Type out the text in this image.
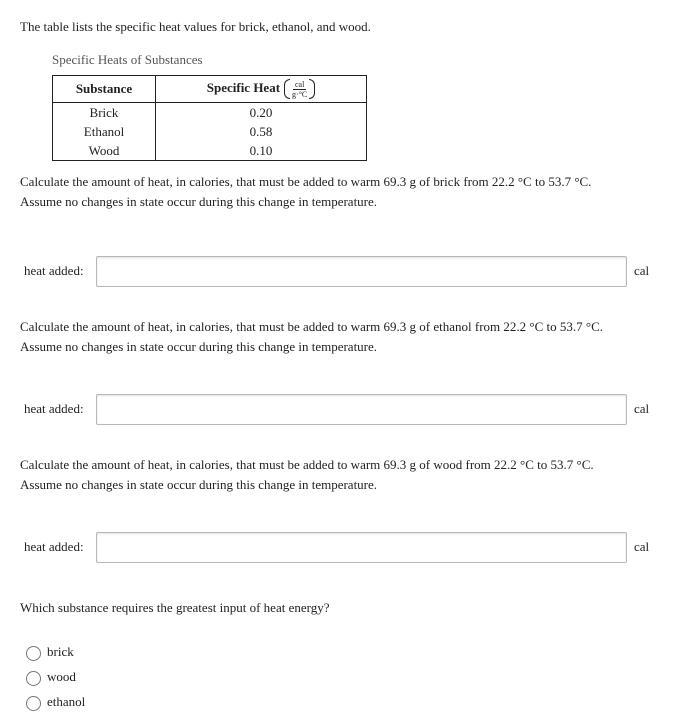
The table lists the specific heat values for brick, ethanol, and wood.
Specific Heats of Substances
Substance	Specific Heat $\frac{\text{cal}}{g\cdot^\circ C}$

Brick	0.20
Ethanol	0.58
Wood	0.10
Calculate the amount of heat, in calories, that must be added to warm 69.3 g of brick from 22.2 °C to 53.7 °C.
Assume no changes in state occur during this change in temperature.
heat added:	cal
Calculate the amount of heat, in calories, that must be added to warm 69.3 g of ethanol from 22.2 °C to 53.7 °C.
Assume no changes in state occur during this change in temperature.
heat added:	cal
Calculate the amount of heat, in calories, that must be added to warm 69.3 g of wood from 22.2 °C to 53.7 °C.
Assume no changes in state occur during this change in temperature.
heat added:	cal
Which substance requires the greatest input of heat energy?
brick
wood
ethanol
